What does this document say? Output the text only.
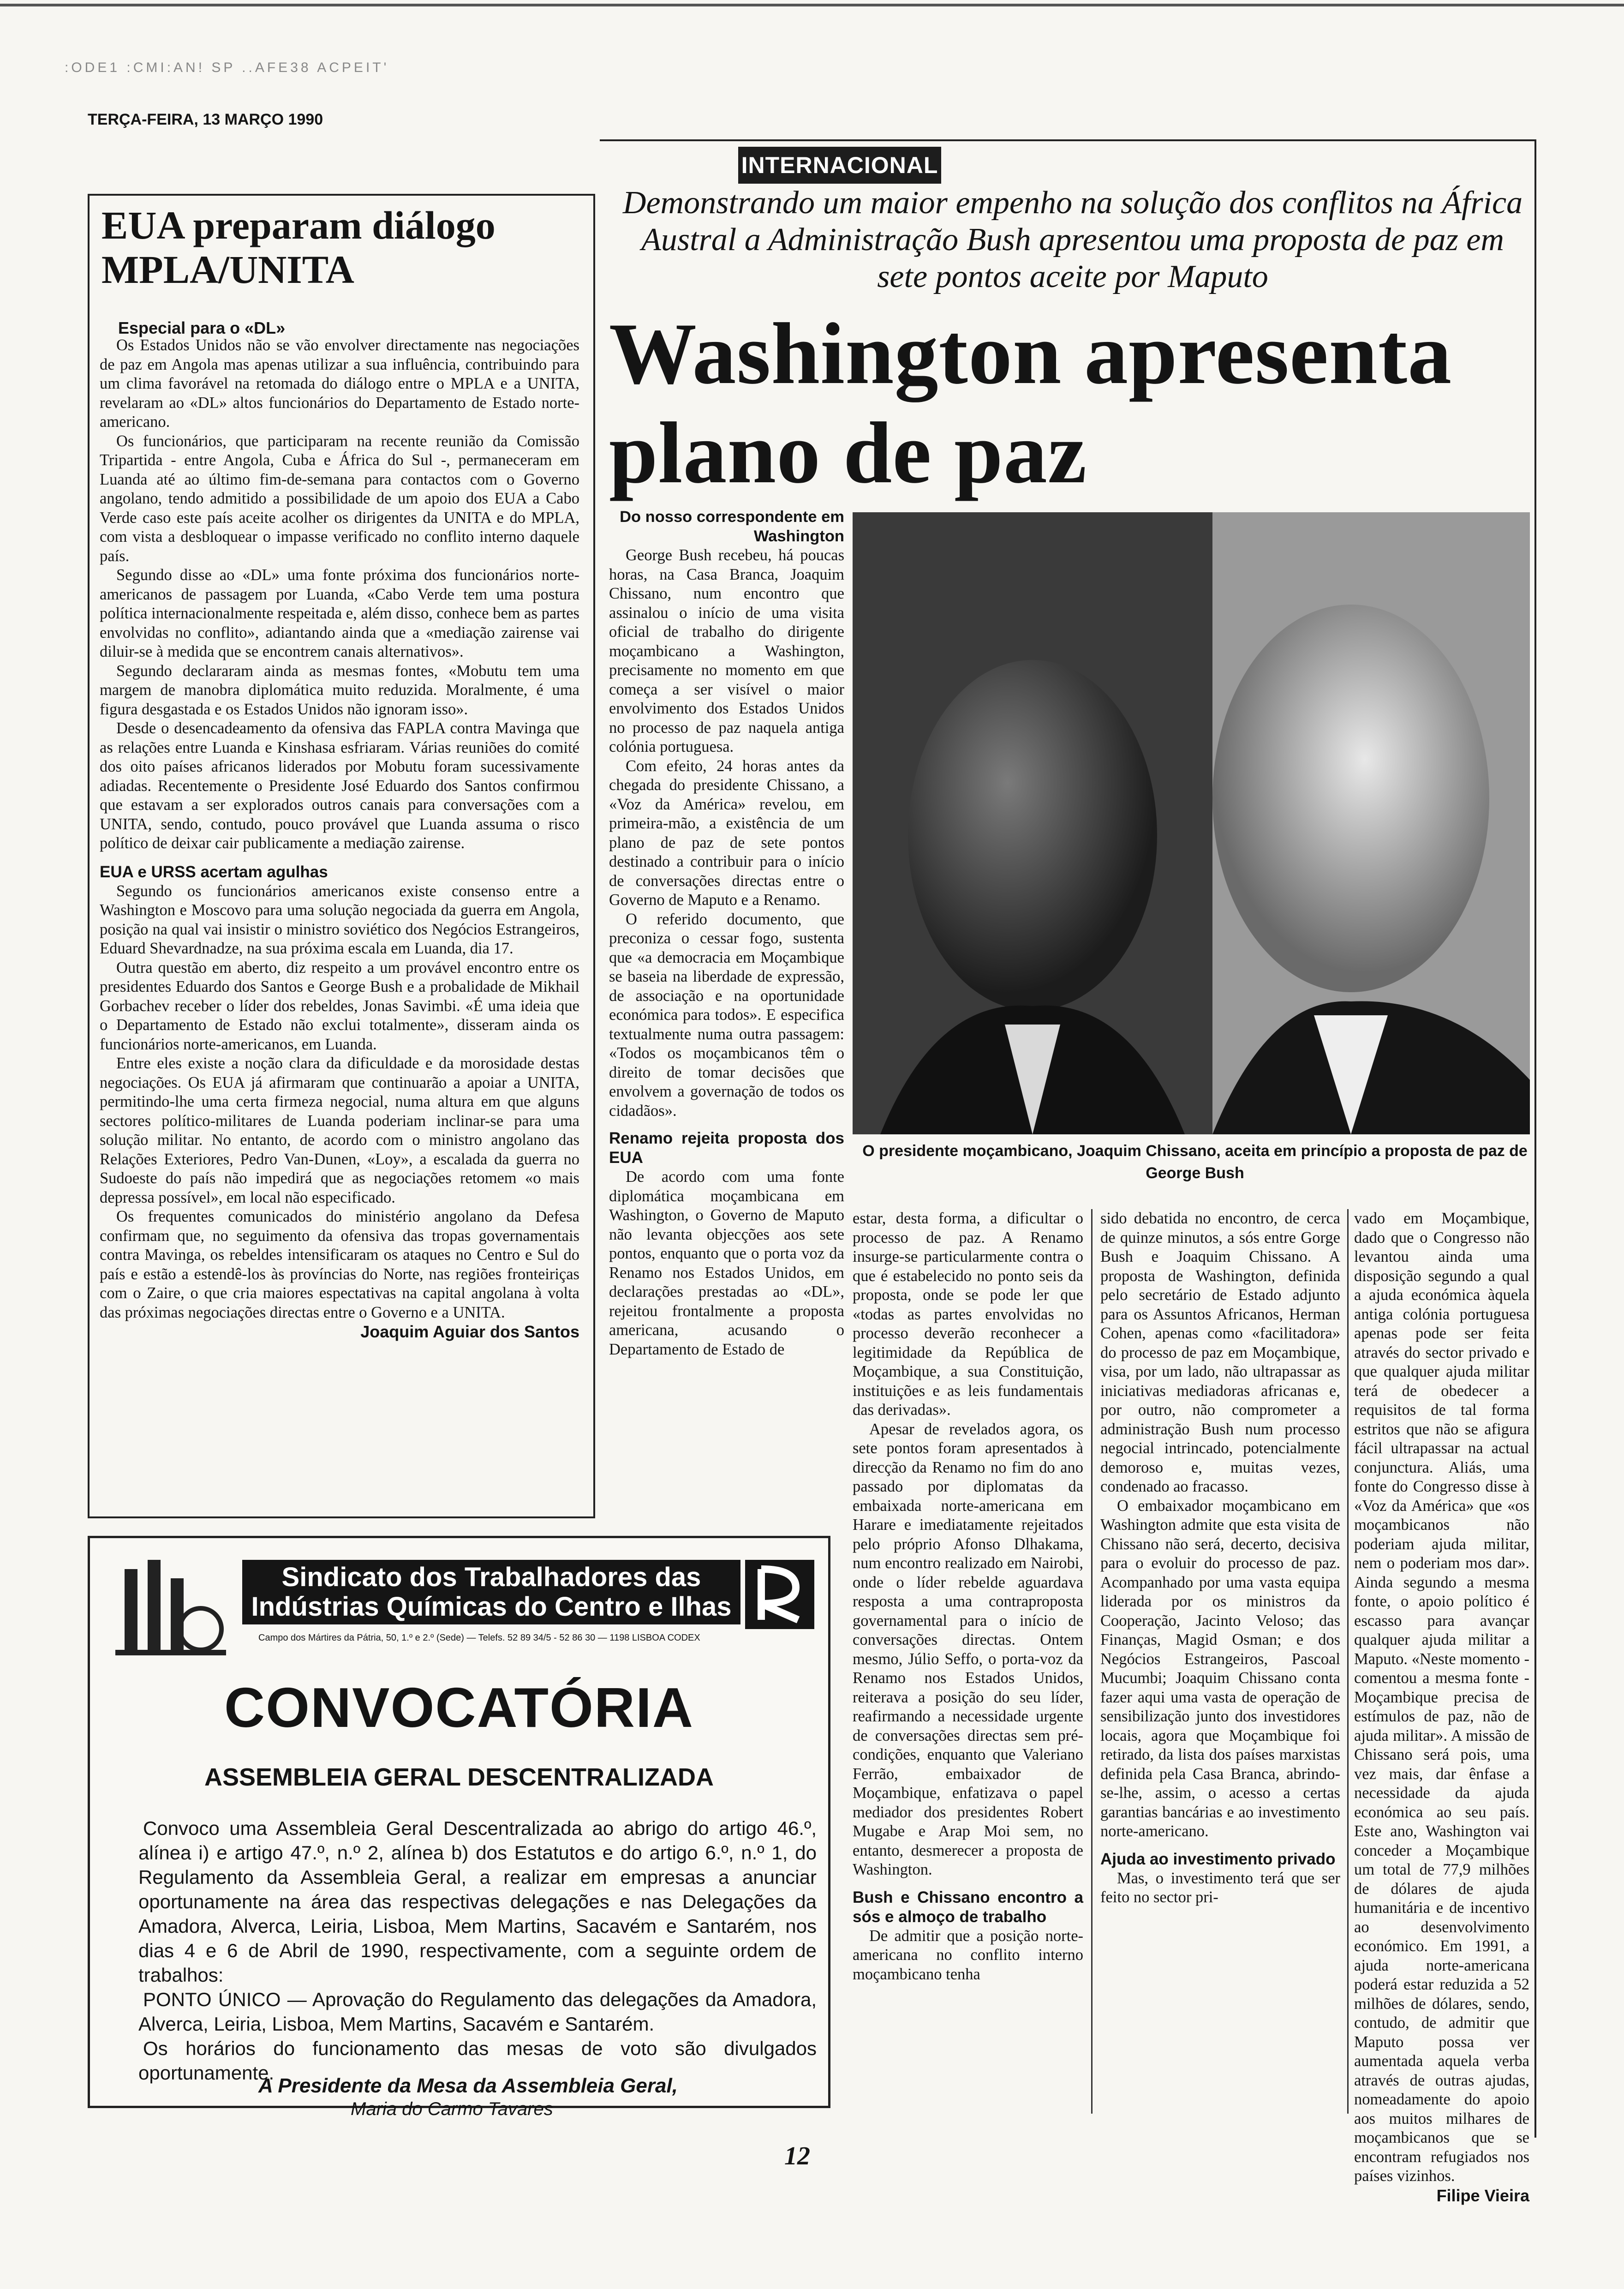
:ODE1 :CMI:AN! SP ..AFE38 ACPEIT'
TERÇA-FEIRA, 13 MARÇO 1990
INTERNACIONAL
Demonstrando um maior empenho na solução dos conflitos na África Austral a Administração Bush apresentou uma proposta de paz em sete pontos aceite por Maputo
Washington apresenta plano de paz
EUA preparam diálogo MPLA/UNITA
Especial para o «DL»

Os Estados Unidos não se vão envolver directamente nas negociações de paz em Angola mas apenas utilizar a sua influência, contribuindo para um clima favorável na retomada do diálogo entre o MPLA e a UNITA, revelaram ao «DL» altos funcionários do Departamento de Estado norte-americano.

Os funcionários, que participaram na recente reunião da Comissão Tripartida - entre Angola, Cuba e África do Sul -, permaneceram em Luanda até ao último fim-de-semana para contactos com o Governo angolano, tendo admitido a possibilidade de um apoio dos EUA a Cabo Verde caso este país aceite acolher os dirigentes da UNITA e do MPLA, com vista a desbloquear o impasse verificado no conflito interno daquele país.

Segundo disse ao «DL» uma fonte próxima dos funcionários norte-americanos de passagem por Luanda, «Cabo Verde tem uma postura política internacionalmente respeitada e, além disso, conhece bem as partes envolvidas no conflito», adiantando ainda que a «mediação zairense vai diluir-se à medida que se encontrem canais alternativos».

Segundo declararam ainda as mesmas fontes, «Mobutu tem uma margem de manobra diplomática muito reduzida. Moralmente, é uma figura desgastada e os Estados Unidos não ignoram isso».

Desde o desencadeamento da ofensiva das FAPLA contra Mavinga que as relações entre Luanda e Kinshasa esfriaram. Várias reuniões do comité dos oito países africanos liderados por Mobutu foram sucessivamente adiadas. Recentemente o Presidente José Eduardo dos Santos confirmou que estavam a ser explorados outros canais para conversações com a UNITA, sendo, contudo, pouco provável que Luanda assuma o risco político de deixar cair publicamente a mediação zairense.

EUA e URSS acertam agulhas

Segundo os funcionários americanos existe consenso entre a Washington e Moscovo para uma solução negociada da guerra em Angola, posição na qual vai insistir o ministro soviético dos Negócios Estrangeiros, Eduard Shevardnadze, na sua próxima escala em Luanda, dia 17.

Outra questão em aberto, diz respeito a um provável encontro entre os presidentes Eduardo dos Santos e George Bush e a probalidade de Mikhail Gorbachev receber o líder dos rebeldes, Jonas Savimbi. «É uma ideia que o Departamento de Estado não exclui totalmente», disseram ainda os funcionários norte-americanos, em Luanda.

Entre eles existe a noção clara da dificuldade e da morosidade destas negociações. Os EUA já afirmaram que continuarão a apoiar a UNITA, permitindo-lhe uma certa firmeza negocial, numa altura em que alguns sectores político-militares de Luanda poderiam inclinar-se para uma solução militar. No entanto, de acordo com o ministro angolano das Relações Exteriores, Pedro Van-Dunen, «Loy», a escalada da guerra no Sudoeste do país não impedirá que as negociações retomem «o mais depressa possível», em local não especificado.

Os frequentes comunicados do ministério angolano da Defesa confirmam que, no seguimento da ofensiva das tropas governamentais contra Mavinga, os rebeldes intensificaram os ataques no Centro e Sul do país e estão a estendê-los às províncias do Norte, nas regiões fronteiriças com o Zaire, o que cria maiores espectativas na capital angolana à volta das próximas negociações directas entre o Governo e a UNITA.

Joaquim Aguiar dos Santos

Do nosso correspondente em Washington

George Bush recebeu, há poucas horas, na Casa Branca, Joaquim Chissano, num encontro que assinalou o início de uma visita oficial de trabalho do dirigente moçambicano a Washington, precisamente no momento em que começa a ser visível o maior envolvimento dos Estados Unidos no processo de paz naquela antiga colónia portuguesa.

Com efeito, 24 horas antes da chegada do presidente Chissano, a «Voz da América» revelou, em primeira-mão, a existência de um plano de paz de sete pontos destinado a contribuir para o início de conversações directas entre o Governo de Maputo e a Renamo.

O referido documento, que preconiza o cessar fogo, sustenta que «a democracia em Moçambique se baseia na liberdade de expressão, de associação e na oportunidade económica para todos». E especifica textualmente numa outra passagem: «Todos os moçambicanos têm o direito de tomar decisões que envolvem a governação de todos os cidadãos».

Renamo rejeita proposta dos EUA

De acordo com uma fonte diplomática moçambicana em Washington, o Governo de Maputo não levanta objecções aos sete pontos, enquanto que o porta voz da Renamo nos Estados Unidos, em declarações prestadas ao «DL», rejeitou frontalmente a proposta americana, acusando o Departamento de Estado de

O presidente moçambicano, Joaquim Chissano, aceita em princípio a proposta de paz de George Bush

estar, desta forma, a dificultar o processo de paz. A Renamo insurge-se particularmente contra o que é estabelecido no ponto seis da proposta, onde se pode ler que «todas as partes envolvidas no processo deverão reconhecer a legitimidade da República de Moçambique, a sua Constituição, instituições e as leis fundamentais das derivadas».

Apesar de revelados agora, os sete pontos foram apresentados à direcção da Renamo no fim do ano passado por diplomatas da embaixada norte-americana em Harare e imediatamente rejeitados pelo próprio Afonso Dlhakama, num encontro realizado em Nairobi, onde o líder rebelde aguardava resposta a uma contraproposta governamental para o início de conversações directas. Ontem mesmo, Júlio Seffo, o porta-voz da Renamo nos Estados Unidos, reiterava a posição do seu líder, reafirmando a necessidade urgente de conversações directas sem pré-condições, enquanto que Valeriano Ferrão, embaixador de Moçambique, enfatizava o papel mediador dos presidentes Robert Mugabe e Arap Moi sem, no entanto, desmerecer a proposta de Washington.

Bush e Chissano encontro a sós e almoço de trabalho

De admitir que a posição norte-americana no conflito interno moçambicano tenha

sido debatida no encontro, de cerca de quinze minutos, a sós entre Gorge Bush e Joaquim Chissano. A proposta de Washington, definida pelo secretário de Estado adjunto para os Assuntos Africanos, Herman Cohen, apenas como «facilitadora» do processo de paz em Moçambique, visa, por um lado, não ultrapassar as iniciativas mediadoras africanas e, por outro, não comprometer a administração Bush num processo negocial intrincado, potencialmente demoroso e, muitas vezes, condenado ao fracasso.

O embaixador moçambicano em Washington admite que esta visita de Chissano não será, decerto, decisiva para o evoluir do processo de paz. Acompanhado por uma vasta equipa liderada por os ministros da Cooperação, Jacinto Veloso; das Finanças, Magid Osman; e dos Negócios Estrangeiros, Pascoal Mucumbi; Joaquim Chissano conta fazer aqui uma vasta de operação de sensibilização junto dos investidores locais, agora que Moçambique foi retirado, da lista dos países marxistas definida pela Casa Branca, abrindo-se-lhe, assim, o acesso a certas garantias bancárias e ao investimento norte-americano.

Ajuda ao investimento privado

Mas, o investimento terá que ser feito no sector pri-

vado em Moçambique, dado que o Congresso não levantou ainda uma disposição segundo a qual a ajuda económica àquela antiga colónia portuguesa apenas pode ser feita através do sector privado e que qualquer ajuda militar terá de obedecer a requisitos de tal forma estritos que não se afigura fácil ultrapassar na actual conjunctura. Aliás, uma fonte do Congresso disse à «Voz da América» que «os moçambicanos não poderiam ajuda militar, nem o poderiam mos dar». Ainda segundo a mesma fonte, o apoio político é escasso para avançar qualquer ajuda militar a Maputo. «Neste momento - comentou a mesma fonte - Moçambique precisa de estímulos de paz, não de ajuda militar». A missão de Chissano será pois, uma vez mais, dar ênfase a necessidade da ajuda económica ao seu país. Este ano, Washington vai conceder a Moçambique um total de 77,9 milhões de dólares de ajuda humanitária e de incentivo ao desenvolvimento económico. Em 1991, a ajuda norte-americana poderá estar reduzida a 52 milhões de dólares, sendo, contudo, de admitir que Maputo possa ver aumentada aquela verba através de outras ajudas, nomeadamente do apoio aos muitos milhares de moçambicanos que se encontram refugiados nos países vizinhos.

Filipe Vieira

Sindicato dos Trabalhadores das
Indústrias Químicas do Centro e Ilhas
Campo dos Mártires da Pátria, 50, 1.º e 2.º (Sede) — Telefs. 52 89 34/5 - 52 86 30 — 1198 LISBOA CODEX
CONVOCATÓRIA
ASSEMBLEIA GERAL DESCENTRALIZADA

Convoco uma Assembleia Geral Descentralizada ao abrigo do artigo 46.º, alínea i) e artigo 47.º, n.º 2, alínea b) dos Estatutos e do artigo 6.º, n.º 1, do Regulamento da Assembleia Geral, a realizar em empresas a anunciar oportunamente na área das respectivas delegações e nas Delegações da Amadora, Alverca, Leiria, Lisboa, Mem Martins, Sacavém e Santarém, nos dias 4 e 6 de Abril de 1990, respectivamente, com a seguinte ordem de trabalhos:

PONTO ÚNICO — Aprovação do Regulamento das delegações da Amadora, Alverca, Leiria, Lisboa, Mem Martins, Sacavém e Santarém.

Os horários do funcionamento das mesas de voto são divulgados oportunamente.

A Presidente da Mesa da Assembleia Geral,
Maria do Carmo Tavares
12
